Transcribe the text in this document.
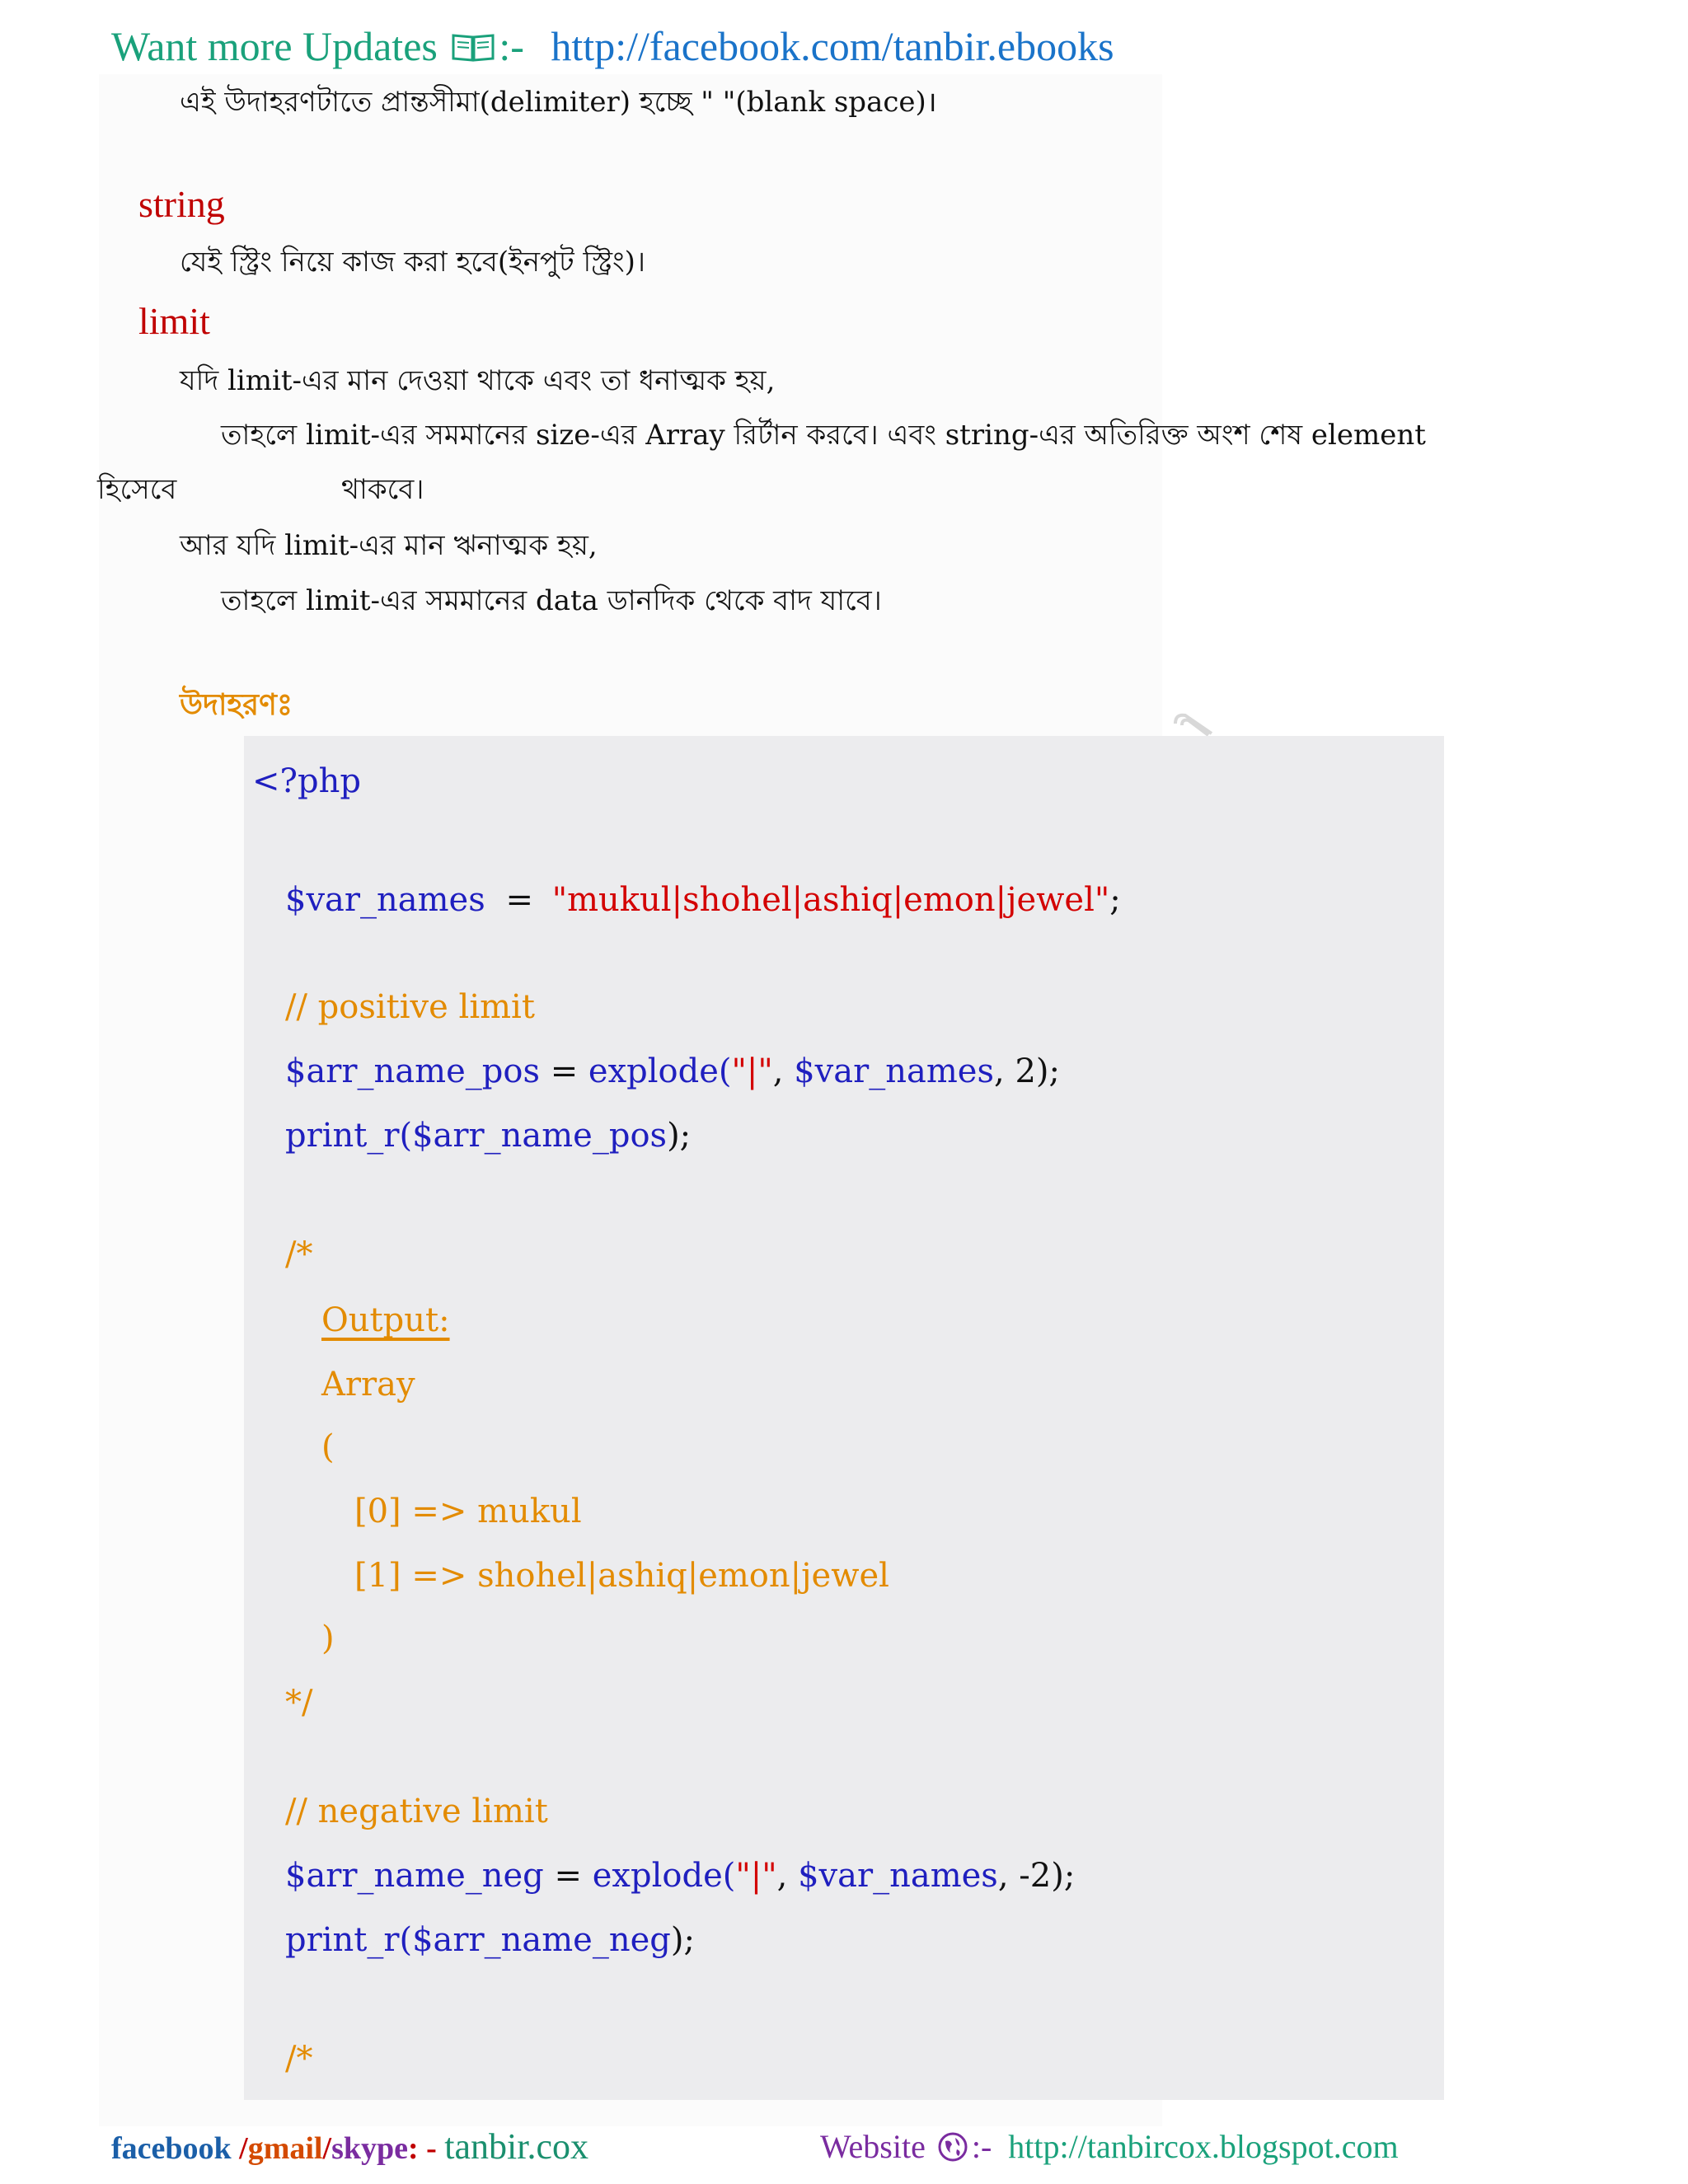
Want more Updates :- http://facebook.com/tanbir.ebooks
এই উদাহরণটাতে প্রান্তসীমা(delimiter) হচ্ছে " "(blank space)।
string
যেই স্ট্রিং নিয়ে কাজ করা হবে(ইনপুট স্ট্রিং)।
limit
যদি limit-এর মান দেওয়া থাকে এবং তা ধনাত্মক হয়,
তাহলে limit-এর সমমানের size-এর Array রির্টান করবে। এবং string-এর অতিরিক্ত অংশ শেষ element
হিসেবে	থাকবে।
আর যদি limit-এর মান ঋনাত্মক হয়,
তাহলে limit-এর সমমানের data ডানদিক থেকে বাদ যাবে।
উদাহরণঃ
<?php
$var_names = "mukul|shohel|ashiq|emon|jewel";
// positive limit
$arr_name_pos = explode("|", $var_names, 2);
print_r($arr_name_pos);
/*
Output:
Array
(
[0] => mukul
[1] => shohel|ashiq|emon|jewel
)
*/
// negative limit
$arr_name_neg = explode("|", $var_names, -2);
print_r($arr_name_neg);
/*
facebook /gmail/skype: - tanbir.cox	Website :- http://tanbircox.blogspot.com
